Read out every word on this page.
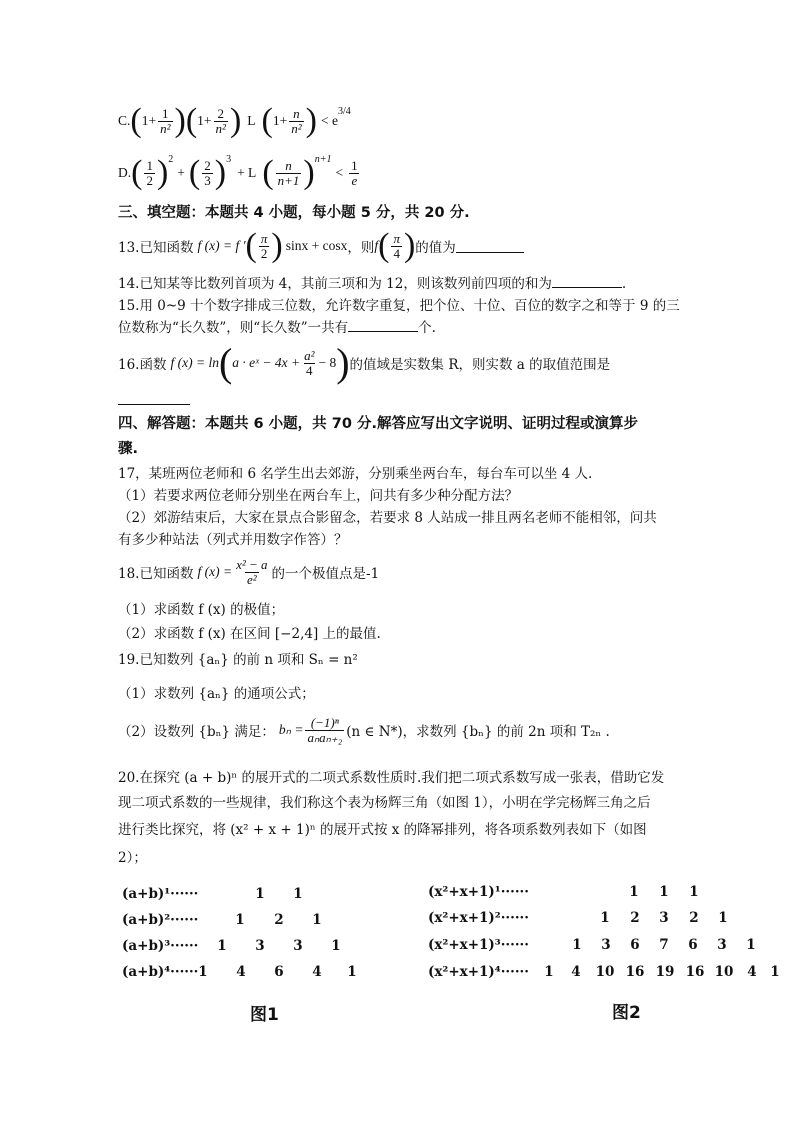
C. ( $1+ \frac{1}{\text{n²}}$ )( $1+ \frac{2}{\text{n²}}$ ) L ( $1+ \frac{n}{\text{n²}}$ ) < e
$^{3/4}$
D. ( $\frac{1}{2} )^2$
+ ( $\frac{2}{3} )^3$
+ L ( $\frac{n}{n+1} )^{n+1}$
< $\frac{1}{e}$
三、填空题：本题共 4 小题，每小题 5 分，共 20 分.
13.已知函数 f (x) = f ′ ( $\frac{\pi}{2}$ ) sinx + cosx ，则 f ( $\frac{\pi}{4}$ ) 的值为
14.已知某等比数列首项为 4，其前三项和为 12，则该数列前四项的和为	.
15.用 0~9 十个数字排成三位数，允许数字重复，把个位、十位、百位的数字之和等于 9 的三
位数称为“长久数”，则“长久数”一共有	个.
16.函数 f (x) = ln ( a · eˣ − $4x + \frac{\text{a²}}{4} - 8$ ) 的值域是实数集 R，则实数 a 的取值范围是
四、解答题：本题共 6 小题，共 70 分.解答应写出文字说明、证明过程或演算步
骤.
17，某班两位老师和 6 名学生出去郊游，分别乘坐两台车，每台车可以坐 4 人.
（1）若要求两位老师分别坐在两台车上，问共有多少种分配方法？
（2）郊游结束后，大家在景点合影留念，若要求 8 人站成一排且两名老师不能相邻，问共
有多少种站法（列式并用数字作答）？
18.已知函数 f $(x) = \frac{\text{x² − a}}{\text{e²}}$ 的一个极值点是-1
（1）求函数 f (x) 的极值；
（2）求函数 f (x) 在区间 [−2,4] 上的最值.
19.已知数列 {aₙ} 的前 n 项和 Sₙ = n²
（1）求数列 {aₙ} 的通项公式；
（2）设数列 {bₙ} 满足： $b_n = \frac{\text{(−1)ⁿ}}{\text{aₙaₙ₊₂}} (n$ ∈ N*)，求数列 {bₙ} 的前 2n 项和 T₂ₙ .
20.在探究 (a + b)ⁿ 的展开式的二项式系数性质时.我们把二项式系数写成一张表，借助它发
现二项式系数的一些规律，我们称这个表为杨辉三角（如图 1），小明在学完杨辉三角之后
进行类比探究，将 (x² + x + 1)ⁿ 的展开式按 x 的降幂排列，将各项系数列表如下（如图
2）；
(a+b)¹······	1	1
(a+b)²······	1	2	1
(a+b)³······	1	3	3	1
(a+b)⁴······ 1	4	6	4	1
图1
(x²+x+1)¹······	1	1	1
(x²+x+1)²······	1	2	3	2	1
(x²+x+1)³······	1	3	6	7	6	3	1
(x²+x+1)⁴······	1	4	10 16 19 16 10	4	1
图2
